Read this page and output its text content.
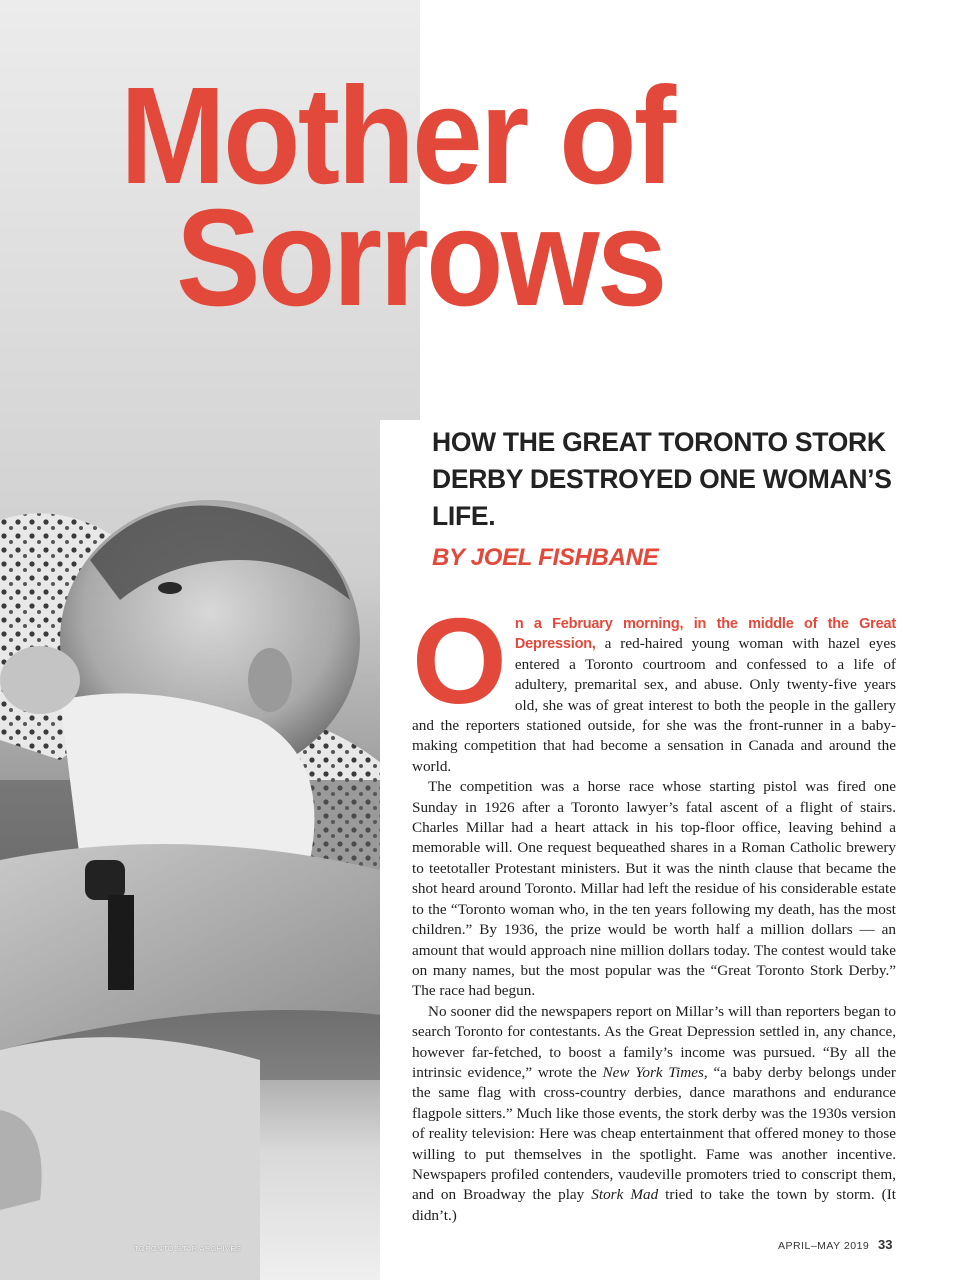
Mother of
Sorrows
HOW THE GREAT TORONTO STORK DERBY DESTROYED ONE WOMAN’S LIFE.
BY JOEL FISHBANE

On a February morning, in the middle of the Great Depression, a red-haired young woman with hazel eyes entered a Toronto courtroom and confessed to a life of adultery, premarital sex, and abuse. Only twenty-five years old, she was of great interest to both the people in the gallery and the reporters stationed outside, for she was the front-runner in a baby-making competition that had become a sensation in Canada and around the world.

The competition was a horse race whose starting pistol was fired one Sunday in 1926 after a Toronto lawyer’s fatal ascent of a flight of stairs. Charles Millar had a heart attack in his top-floor office, leaving behind a memorable will. One request bequeathed shares in a Roman Catholic brewery to teetotaller Protestant ministers. But it was the ninth clause that became the shot heard around Toronto. Millar had left the residue of his considerable estate to the “Toronto woman who, in the ten years following my death, has the most children.” By 1936, the prize would be worth half a million dollars — an amount that would approach nine million dollars today. The contest would take on many names, but the most popular was the “Great Toronto Stork Derby.” The race had begun.

No sooner did the newspapers report on Millar’s will than reporters began to search Toronto for contestants. As the Great Depression settled in, any chance, however far-fetched, to boost a family’s income was pursued. “By all the intrinsic evidence,” wrote the New York Times, “a baby derby belongs under the same flag with cross-country derbies, dance marathons and endurance flagpole sitters.” Much like those events, the stork derby was the 1930s version of reality television: Here was cheap entertainment that offered money to those willing to put themselves in the spotlight. Fame was another incentive. Newspapers profiled contenders, vaudeville promoters tried to conscript them, and on Broadway the play Stork Mad tried to take the town by storm. (It didn’t.)

TORONTO STAR ARCHIVES	APRIL–MAY 2019 33
